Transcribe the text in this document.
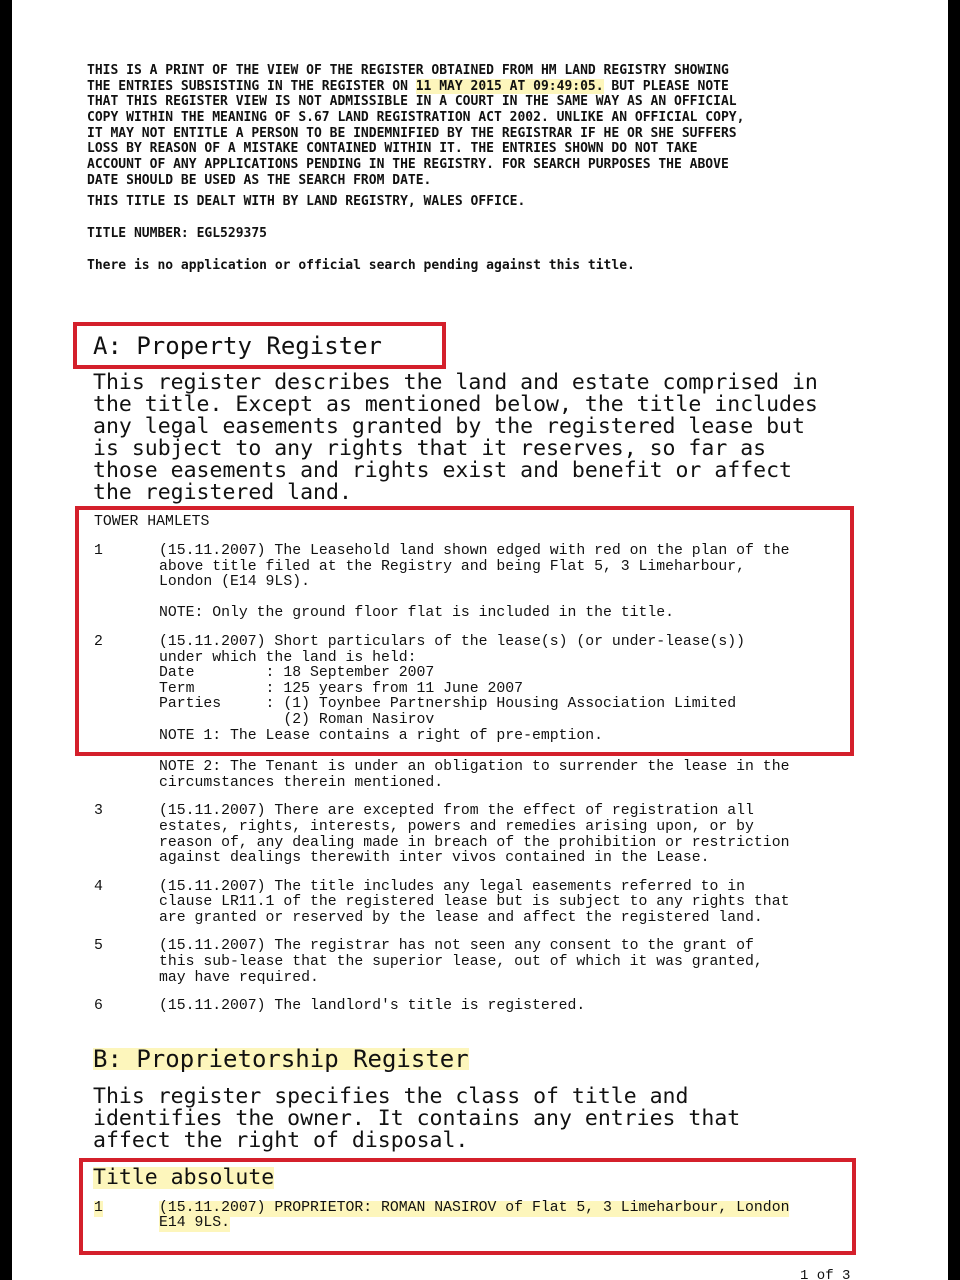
THIS IS A PRINT OF THE VIEW OF THE REGISTER OBTAINED FROM HM LAND REGISTRY SHOWING
THE ENTRIES SUBSISTING IN THE REGISTER ON 11 MAY 2015 AT 09:49:05. BUT PLEASE NOTE
THAT THIS REGISTER VIEW IS NOT ADMISSIBLE IN A COURT IN THE SAME WAY AS AN OFFICIAL
COPY WITHIN THE MEANING OF S.67 LAND REGISTRATION ACT 2002. UNLIKE AN OFFICIAL COPY,
IT MAY NOT ENTITLE A PERSON TO BE INDEMNIFIED BY THE REGISTRAR IF HE OR SHE SUFFERS
LOSS BY REASON OF A MISTAKE CONTAINED WITHIN IT. THE ENTRIES SHOWN DO NOT TAKE
ACCOUNT OF ANY APPLICATIONS PENDING IN THE REGISTRY. FOR SEARCH PURPOSES THE ABOVE
DATE SHOULD BE USED AS THE SEARCH FROM DATE.
THIS TITLE IS DEALT WITH BY LAND REGISTRY, WALES OFFICE.
TITLE NUMBER: EGL529375
There is no application or official search pending against this title.
A: Property Register
This register describes the land and estate comprised in
the title. Except as mentioned below, the title includes
any legal easements granted by the registered lease but
is subject to any rights that it reserves, so far as
those easements and rights exist and benefit or affect
the registered land.
TOWER HAMLETS
1	(15.11.2007) The Leasehold land shown edged with red on the plan of the
above title filed at the Registry and being Flat 5, 3 Limeharbour,
London (E14 9LS).
NOTE: Only the ground floor flat is included in the title.
2	(15.11.2007) Short particulars of the lease(s) (or under-lease(s))
under which the land is held:
Date        : 18 September 2007
Term        : 125 years from 11 June 2007
Parties     : (1) Toynbee Partnership Housing Association Limited
(2) Roman Nasirov
NOTE 1: The Lease contains a right of pre-emption.
NOTE 2: The Tenant is under an obligation to surrender the lease in the
circumstances therein mentioned.
3	(15.11.2007) There are excepted from the effect of registration all
estates, rights, interests, powers and remedies arising upon, or by
reason of, any dealing made in breach of the prohibition or restriction
against dealings therewith inter vivos contained in the Lease.
4	(15.11.2007) The title includes any legal easements referred to in
clause LR11.1 of the registered lease but is subject to any rights that
are granted or reserved by the lease and affect the registered land.
5	(15.11.2007) The registrar has not seen any consent to the grant of
this sub-lease that the superior lease, out of which it was granted,
may have required.
6	(15.11.2007) The landlord's title is registered.
B: Proprietorship Register
This register specifies the class of title and
identifies the owner. It contains any entries that
affect the right of disposal.
Title absolute
1	(15.11.2007) PROPRIETOR: ROMAN NASIROV of Flat 5, 3 Limeharbour, London
E14 9LS.
1 of 3
